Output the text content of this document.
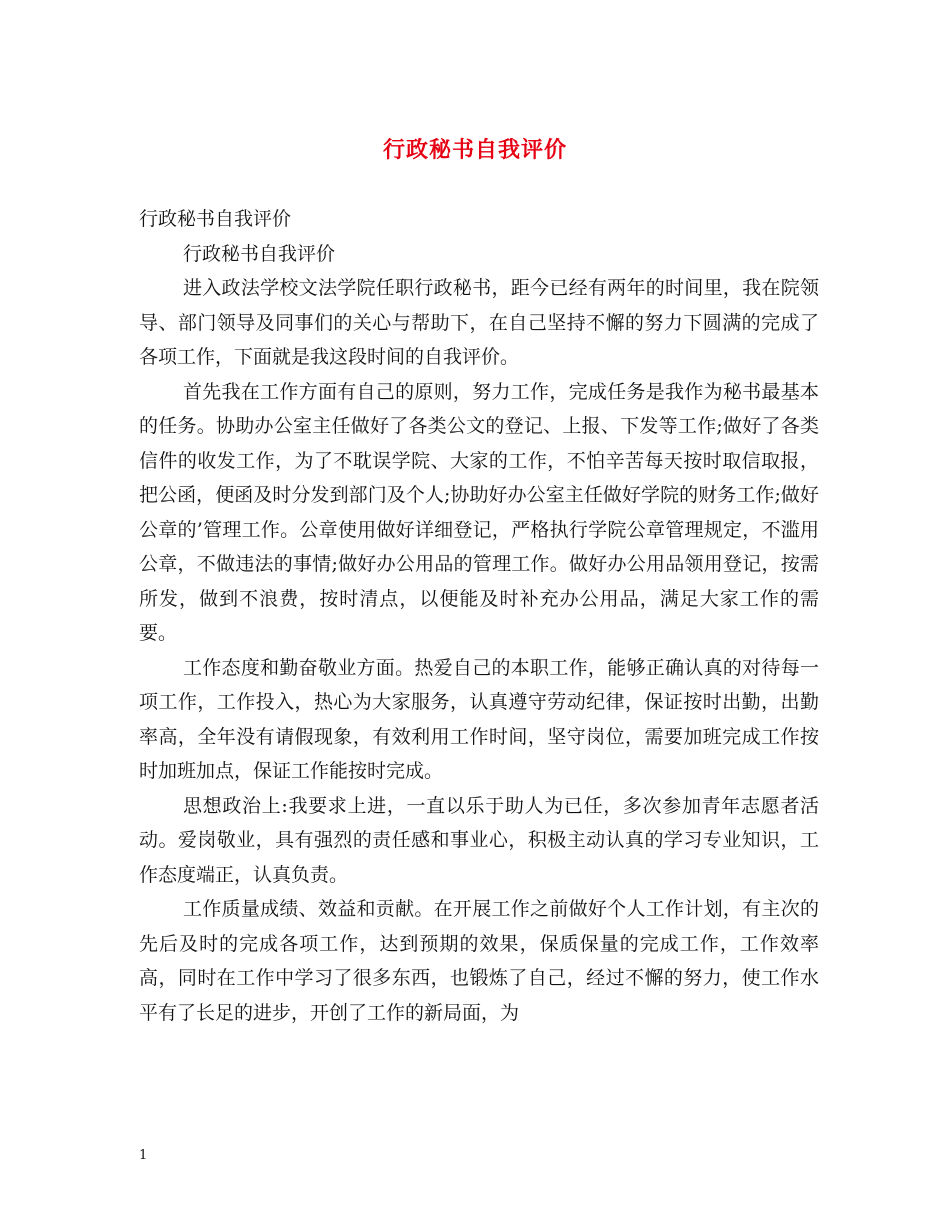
行政秘书自我评价

行政秘书自我评价

行政秘书自我评价

进入政法学校文法学院任职行政秘书，距今已经有两年的时间里，我在院领导、部门领导及同事们的关心与帮助下，在自己坚持不懈的努力下圆满的完成了各项工作，下面就是我这段时间的自我评价。

首先我在工作方面有自己的原则，努力工作，完成任务是我作为秘书最基本的任务。协助办公室主任做好了各类公文的登记、上报、下发等工作;做好了各类信件的收发工作，为了不耽误学院、大家的工作，不怕辛苦每天按时取信取报，把公函，便函及时分发到部门及个人;协助好办公室主任做好学院的财务工作;做好公章的’管理工作。公章使用做好详细登记，严格执行学院公章管理规定，不滥用公章，不做违法的事情;做好办公用品的管理工作。做好办公用品领用登记，按需所发，做到不浪费，按时清点，以便能及时补充办公用品，满足大家工作的需要。

工作态度和勤奋敬业方面。热爱自己的本职工作，能够正确认真的对待每一项工作，工作投入，热心为大家服务，认真遵守劳动纪律，保证按时出勤，出勤率高，全年没有请假现象，有效利用工作时间，坚守岗位，需要加班完成工作按时加班加点，保证工作能按时完成。

思想政治上:我要求上进，一直以乐于助人为已任，多次参加青年志愿者活动。爱岗敬业，具有强烈的责任感和事业心，积极主动认真的学习专业知识，工作态度端正，认真负责。

工作质量成绩、效益和贡献。在开展工作之前做好个人工作计划，有主次的先后及时的完成各项工作，达到预期的效果，保质保量的完成工作，工作效率高，同时在工作中学习了很多东西，也锻炼了自己，经过不懈的努力，使工作水平有了长足的进步，开创了工作的新局面，为

1
